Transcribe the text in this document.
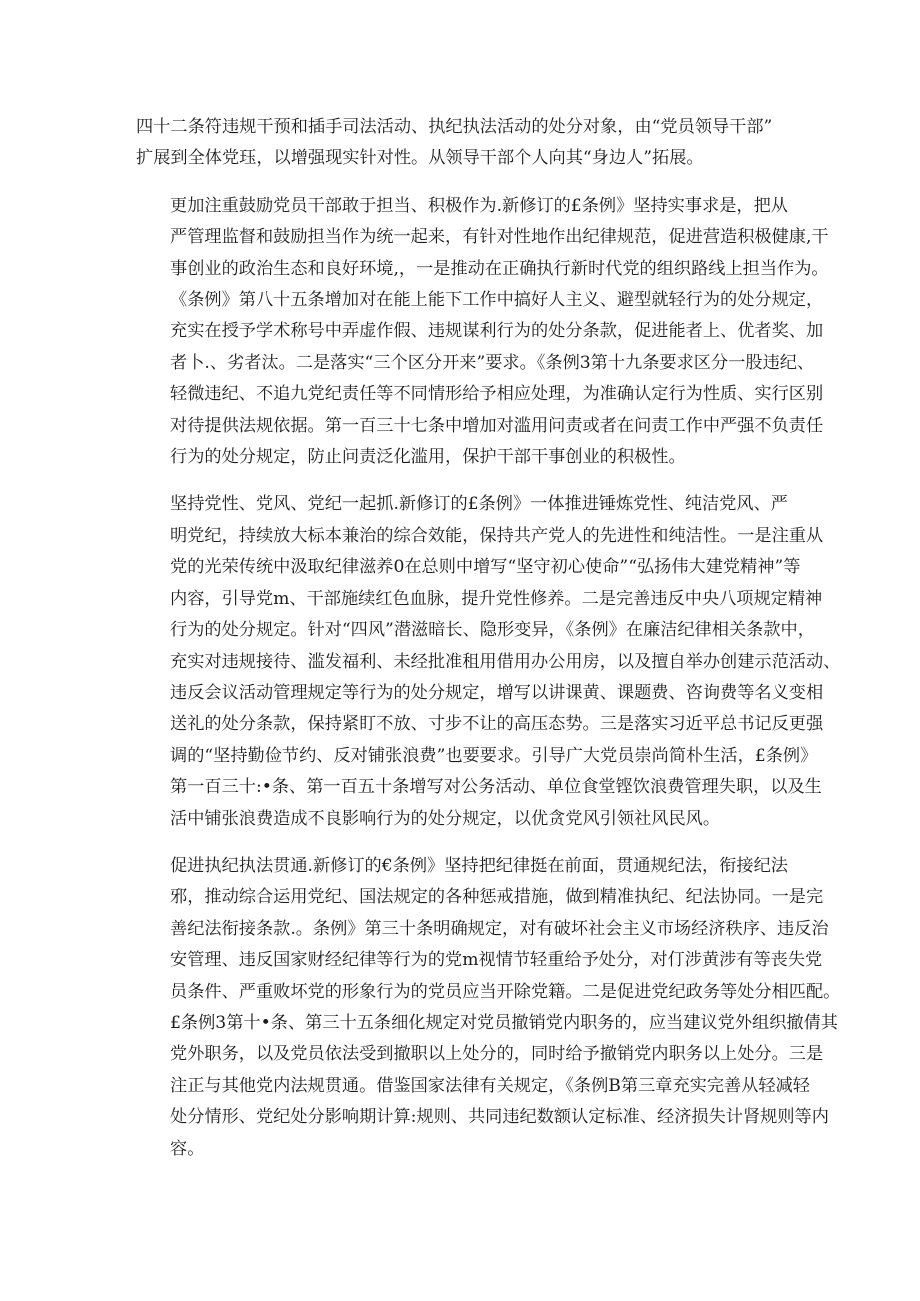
四十二条符违规干预和插手司法活动、执纪执法活动的处分对象，由“党员领导干部”
扩展到全体党珏，以增强现实针对性。从领导干部个人向其“身边人”拓展。

更加注重鼓励党员干部敢于担当、积极作为.新修订的£条例》坚持实事求是，把从
严管理监督和鼓励担当作为统一起来，有针对性地作出纪律规范，促进营造积极健康,干
事创业的政治生态和良好环境,，一是推动在正确执行新时代党的组织路线上担当作为。
《条例》第八十五条增加对在能上能下工作中搞好人主义、避型就轻行为的处分规定，
充实在授予学术称号中弄虚作假、违规谋利行为的处分条款，促进能者上、优者奖、加
者卜.、劣者汰。二是落实“三个区分开来”要求。《条例3第十九条要求区分一股违纪、
轻微违纪、不追九党纪责任等不同情形给予相应处理，为准确认定行为性质、实行区别
对待提供法规依据。第一百三十七条中增加对滥用问责或者在问责工作中严强不负责任
行为的处分规定，防止问责泛化滥用，保护干部干事创业的积极性。

坚持党性、党风、党纪一起抓.新修订的£条例》一体推进锤炼党性、纯洁党风、严
明党纪，持续放大标本兼治的综合效能，保持共产党人的先进性和纯洁性。一是注重从
党的光荣传统中汲取纪律滋养0在总则中增写“坚守初心使命”“弘扬伟大建党精神”等
内容，引导党m、干部施续红色血脉，提升党性修养。二是完善违反中央八项规定精神
行为的处分规定。针对“四风”潜滋暗长、隐形变异，《条例》在廉洁纪律相关条款中，
充实对违规接待、滥发福利、未经批准租用借用办公用房，以及擅自举办创建示范活动、
违反会议活动管理规定等行为的处分规定，增写以讲课黄、课题费、咨询费等名义变相
送礼的处分条款，保持紧盯不放、寸步不让的高压态势。三是落实习近平总书记反更强
调的“坚持勤俭节约、反对铺张浪费”也要要求。引导广大党员崇尚简朴生活，£条例》
第一百三十:•条、第一百五十条增写对公务活动、单位食堂铿饮浪费管理失职，以及生
活中铺张浪费造成不良影响行为的处分规定，以优贪党风引领社风民风。

促进执纪执法贯通.新修订的€条例》坚持把纪律挺在前面，贯通规纪法，衔接纪法
邪，推动综合运用党纪、国法规定的各种惩戒措施，做到精准执纪、纪法协同。一是完
善纪法衔接条款.。条例》第三十条明确规定，对有破坏社会主义市场经济秩序、违反治
安管理、违反国家财经纪律等行为的党m视情节轻重给予处分，对仃涉黄涉有等丧失党
员条件、严重败坏党的形象行为的党员应当开除党籍。二是促进党纪政务等处分相匹配。
£条例3第十•条、第三十五条细化规定对党员撤销党内职务的，应当建议党外组织撤倩其
党外职务，以及党员依法受到撤职以上处分的，同时给予撤销党内职务以上处分。三是
注正与其他党内法规贯通。借鉴国家法律有关规定，《条例B第三章充实完善从轻减轻
处分情形、党纪处分影响期计算:规则、共同违纪数额认定标准、经济损失计肾规则等内
容。
